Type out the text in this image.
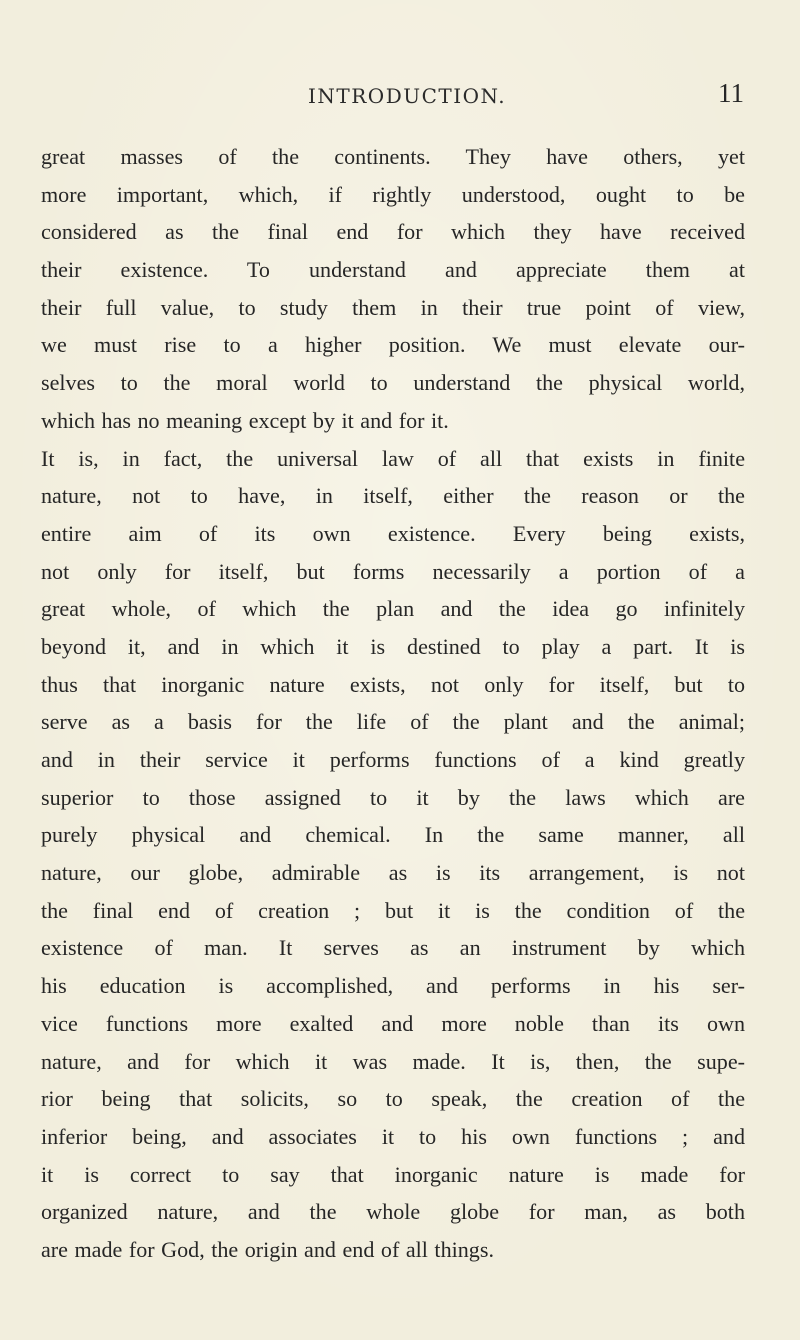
INTRODUCTION.	11
great masses of the continents. They have others, yet
more important, which, if rightly understood, ought to be
considered as the final end for which they have received
their existence. To understand and appreciate them at
their full value, to study them in their true point of view,
we must rise to a higher position. We must elevate our-
selves to the moral world to understand the physical world,
which has no meaning except by it and for it.
It is, in fact, the universal law of all that exists in finite
nature, not to have, in itself, either the reason or the
entire aim of its own existence. Every being exists,
not only for itself, but forms necessarily a portion of a
great whole, of which the plan and the idea go infinitely
beyond it, and in which it is destined to play a part. It is
thus that inorganic nature exists, not only for itself, but to
serve as a basis for the life of the plant and the animal;
and in their service it performs functions of a kind greatly
superior to those assigned to it by the laws which are
purely physical and chemical. In the same manner, all
nature, our globe, admirable as is its arrangement, is not
the final end of creation ; but it is the condition of the
existence of man. It serves as an instrument by which
his education is accomplished, and performs in his ser-
vice functions more exalted and more noble than its own
nature, and for which it was made. It is, then, the supe-
rior being that solicits, so to speak, the creation of the
inferior being, and associates it to his own functions ; and
it is correct to say that inorganic nature is made for
organized nature, and the whole globe for man, as both
are made for God, the origin and end of all things.
